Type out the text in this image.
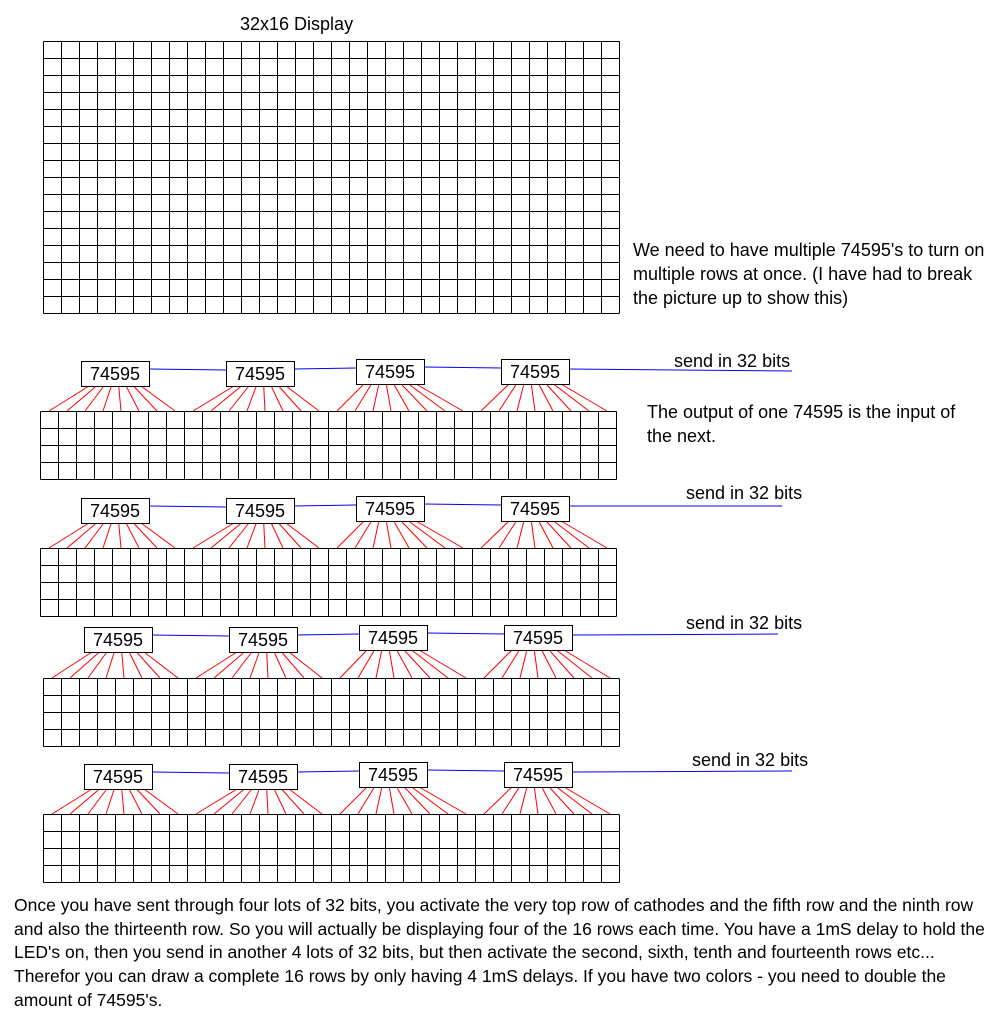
32x16 Display
74595	74595	74595	74595
send in 32 bits
74595	74595	74595	74595
send in 32 bits
74595	74595	74595	74595
send in 32 bits
74595	74595	74595	74595
send in 32 bits

We need to have multiple 74595's to turn on multiple rows at once. (I have had to break the picture up to show this)

The output of one 74595 is the input of the next.

Once you have sent through four lots of 32 bits, you activate the very top row of cathodes and the fifth row and the ninth row and also the thirteenth row. So you will actually be displaying four of the 16 rows each time. You have a 1mS delay to hold the LED's on, then you send in another 4 lots of 32 bits, but then activate the second, sixth, tenth and fourteenth rows etc... Therefor you can draw a complete 16 rows by only having 4 1mS delays. If you have two colors - you need to double the amount of 74595's.
